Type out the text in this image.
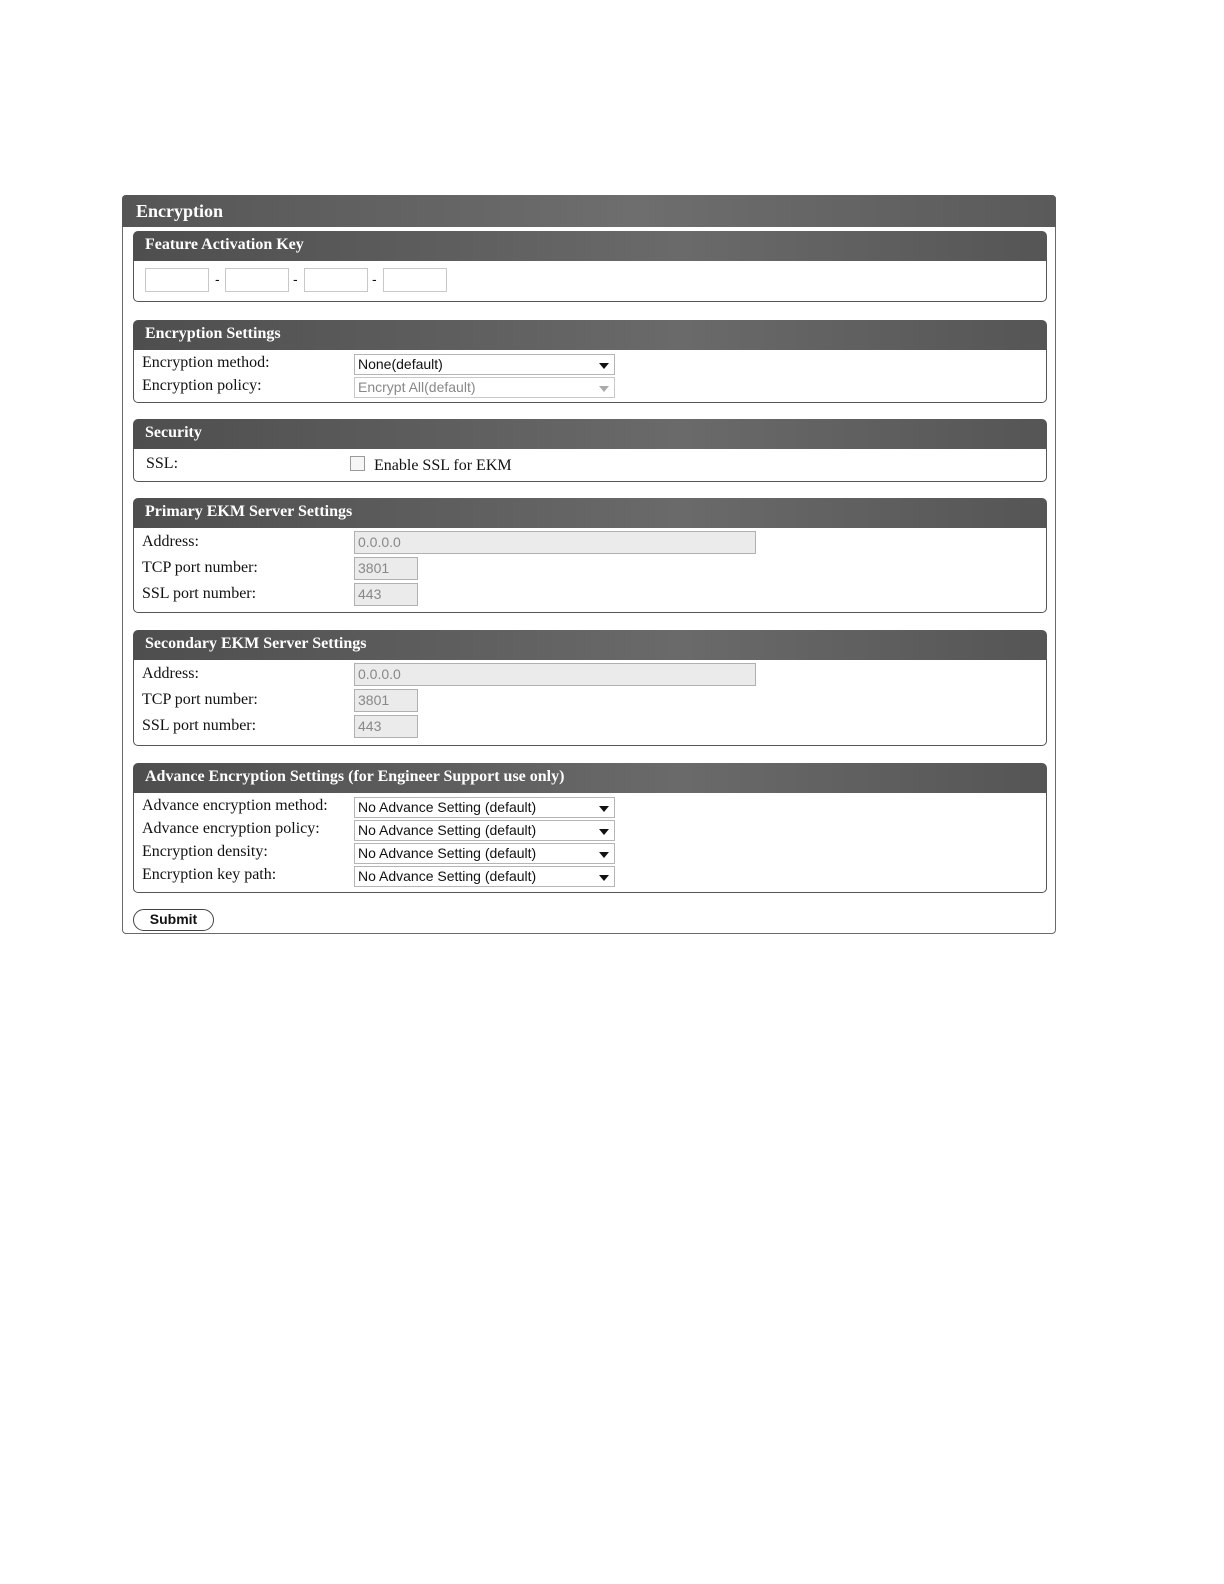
Encryption
Feature Activation Key
-	-	-
Encryption Settings
Encryption method:	None(default)
Encryption policy:	Encrypt All(default)
Security
SSL:	Enable SSL for EKM
Primary EKM Server Settings
Address:	0.0.0.0
TCP port number:	3801
SSL port number:	443
Secondary EKM Server Settings
Address:	0.0.0.0
TCP port number:	3801
SSL port number:	443
Advance Encryption Settings (for Engineer Support use only)
Advance encryption method: No Advance Setting (default)
Advance encryption policy:	No Advance Setting (default)
Encryption density:	No Advance Setting (default)
Encryption key path:	No Advance Setting (default)
Submit
